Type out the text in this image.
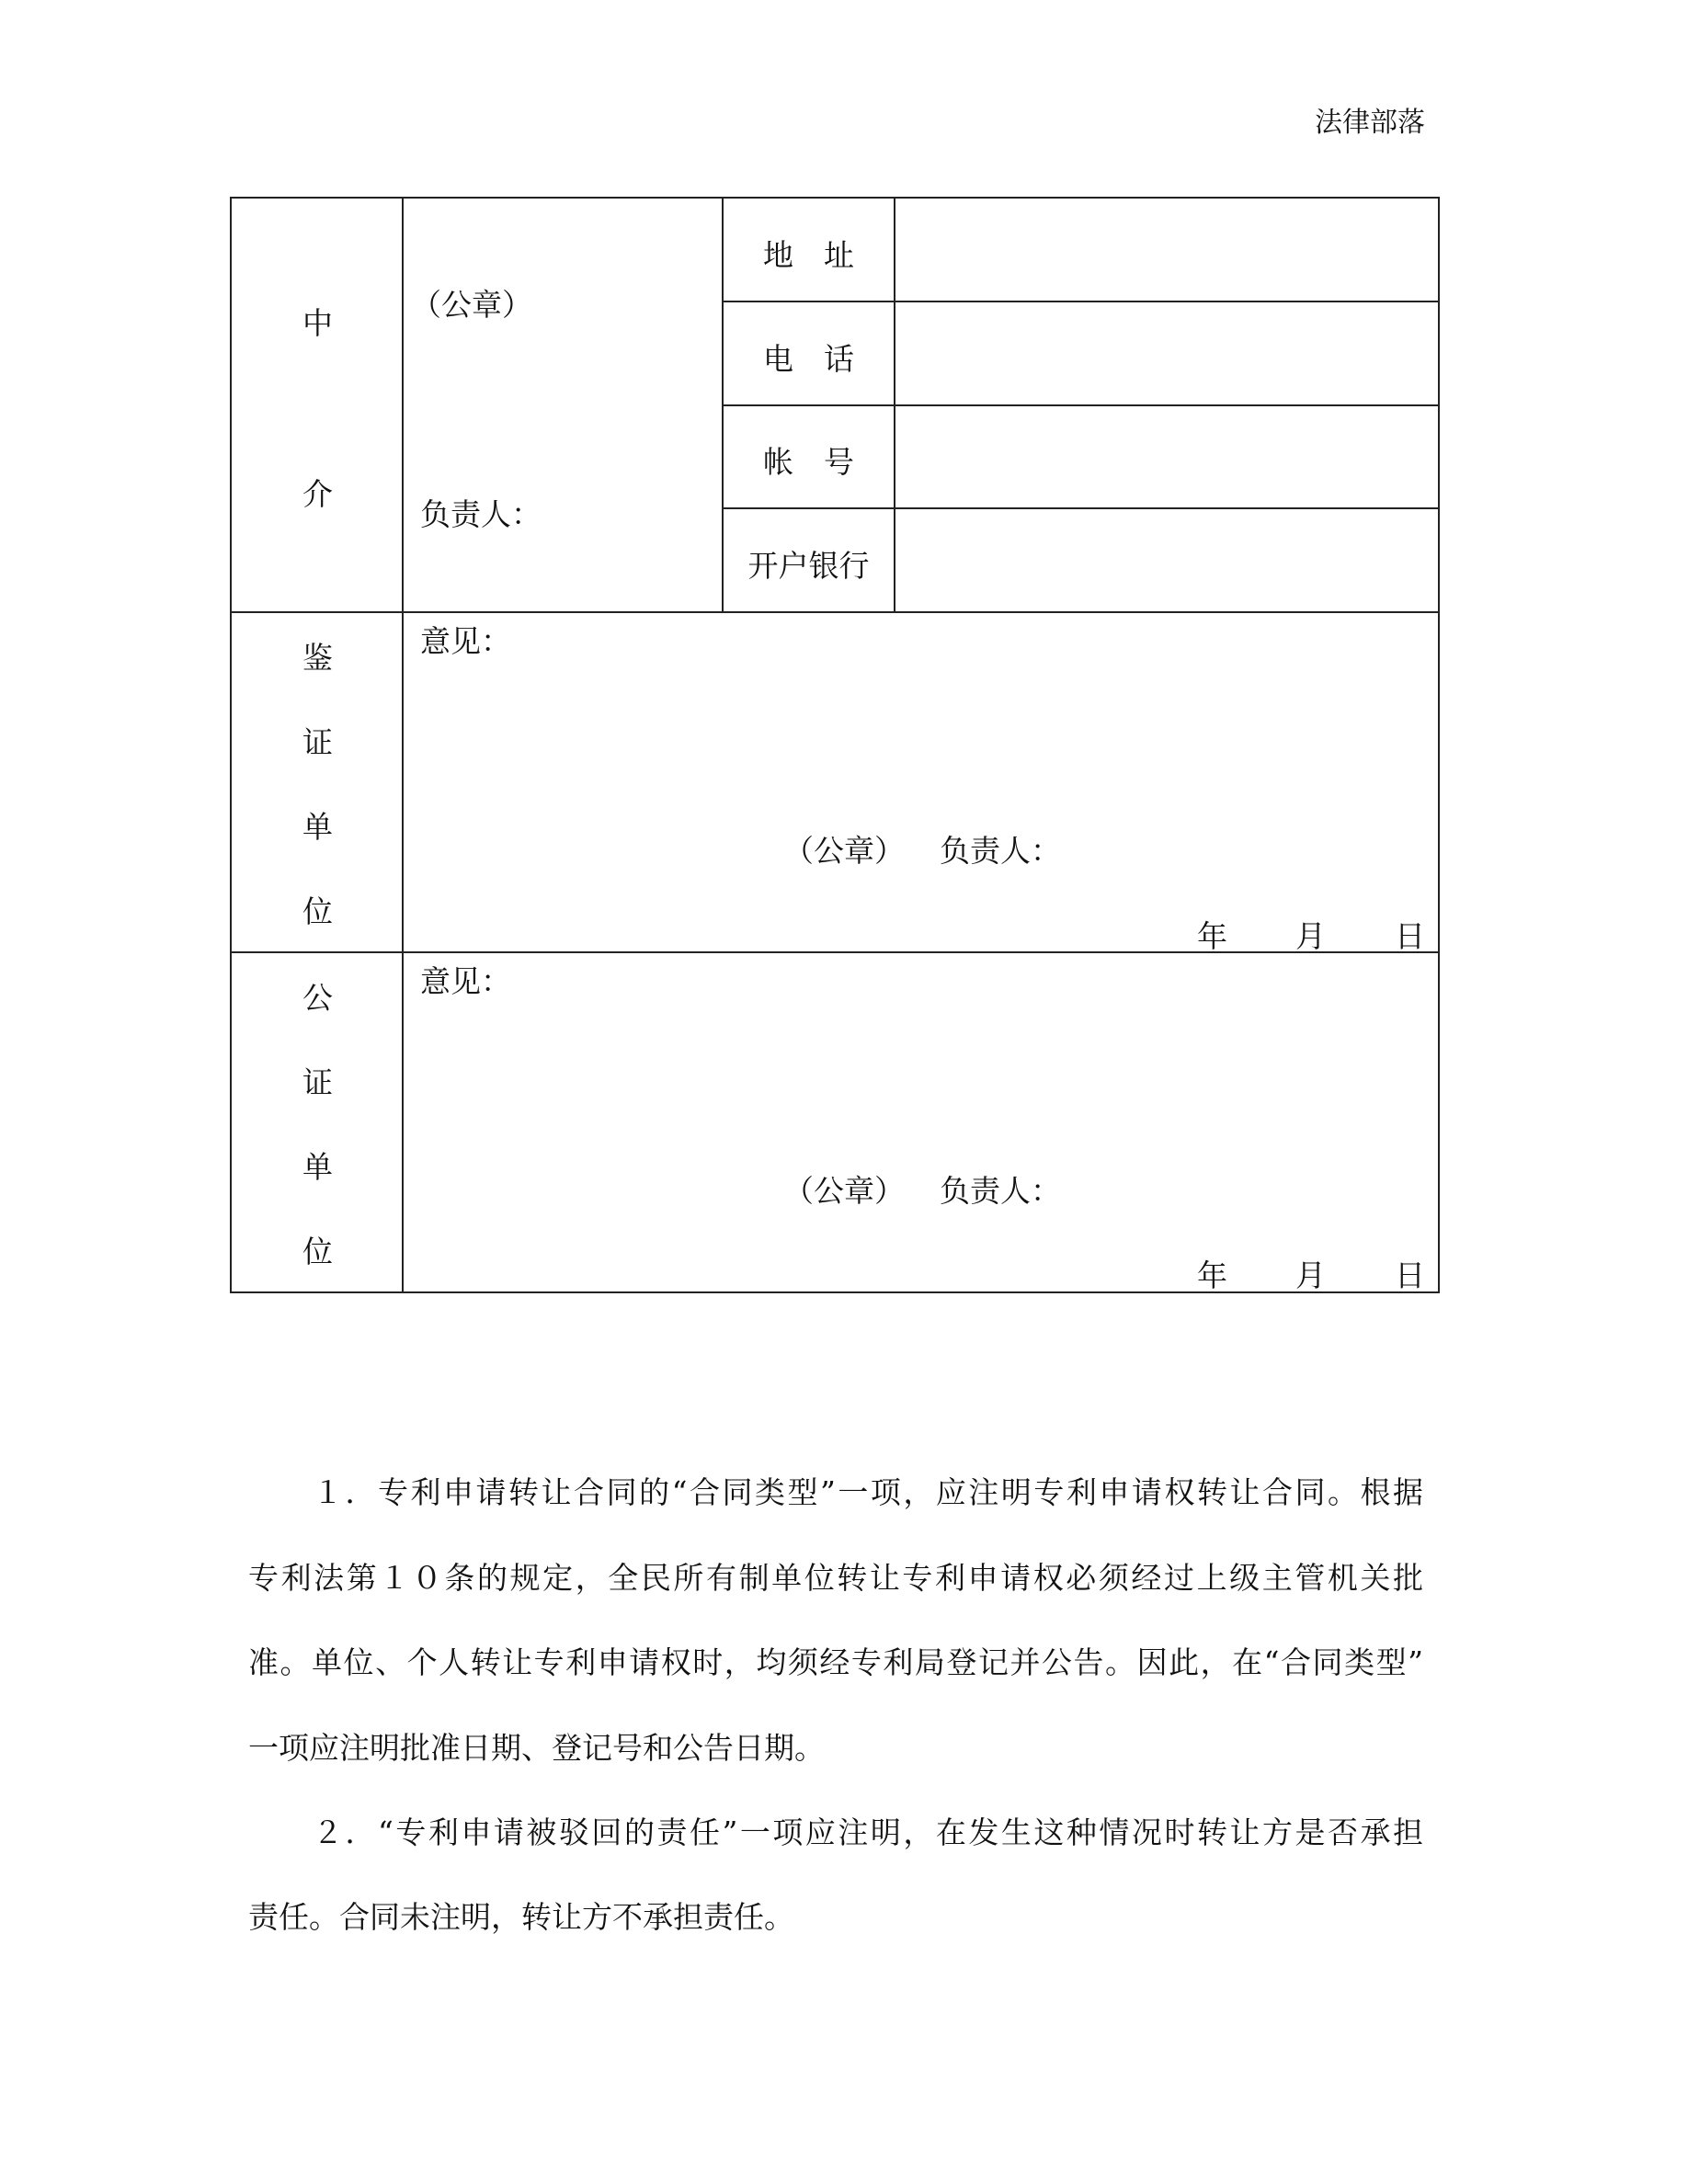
法律部落
中
介
（公章）
负责人：
地　址
电　话
帐　号
开户银行
鉴
证
单
位
意见：
（公章） 负责人：
年 月 日
公
证
单
位
意见：
（公章） 负责人：
年 月 日
１．专利申请转让合同的“合同类型”一项，应注明专利申请权转让合同。根据
专利法第１０条的规定，全民所有制单位转让专利申请权必须经过上级主管机关批
准。单位、个人转让专利申请权时，均须经专利局登记并公告。因此，在“合同类型”
一项应注明批准日期、登记号和公告日期。
２．“专利申请被驳回的责任”一项应注明，在发生这种情况时转让方是否承担
责任。合同未注明，转让方不承担责任。
